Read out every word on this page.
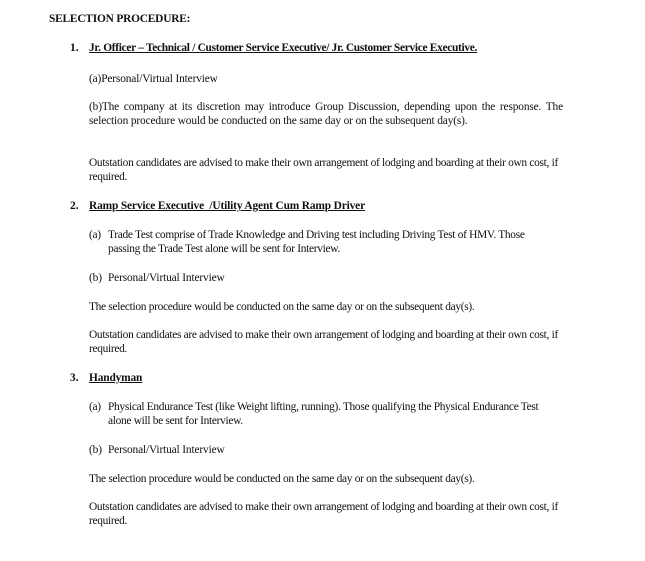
SELECTION PROCEDURE:
1. Jr. Officer – Technical / Customer Service Executive/ Jr. Customer Service Executive.
(a)Personal/Virtual Interview
(b)The company at its discretion may introduce Group Discussion, depending upon the response. The selection procedure would be conducted on the same day or on the subsequent day(s).
Outstation candidates are advised to make their own arrangement of lodging and boarding at their own cost, if required.
2. Ramp Service Executive  /Utility Agent Cum Ramp Driver
(a) Trade Test comprise of Trade Knowledge and Driving test including Driving Test of HMV. Those passing the Trade Test alone will be sent for Interview.
(b) Personal/Virtual Interview
The selection procedure would be conducted on the same day or on the subsequent day(s).
Outstation candidates are advised to make their own arrangement of lodging and boarding at their own cost, if required.
3. Handyman
(a) Physical Endurance Test (like Weight lifting, running). Those qualifying the Physical Endurance Test alone will be sent for Interview.
(b) Personal/Virtual Interview
The selection procedure would be conducted on the same day or on the subsequent day(s).
Outstation candidates are advised to make their own arrangement of lodging and boarding at their own cost, if required.
